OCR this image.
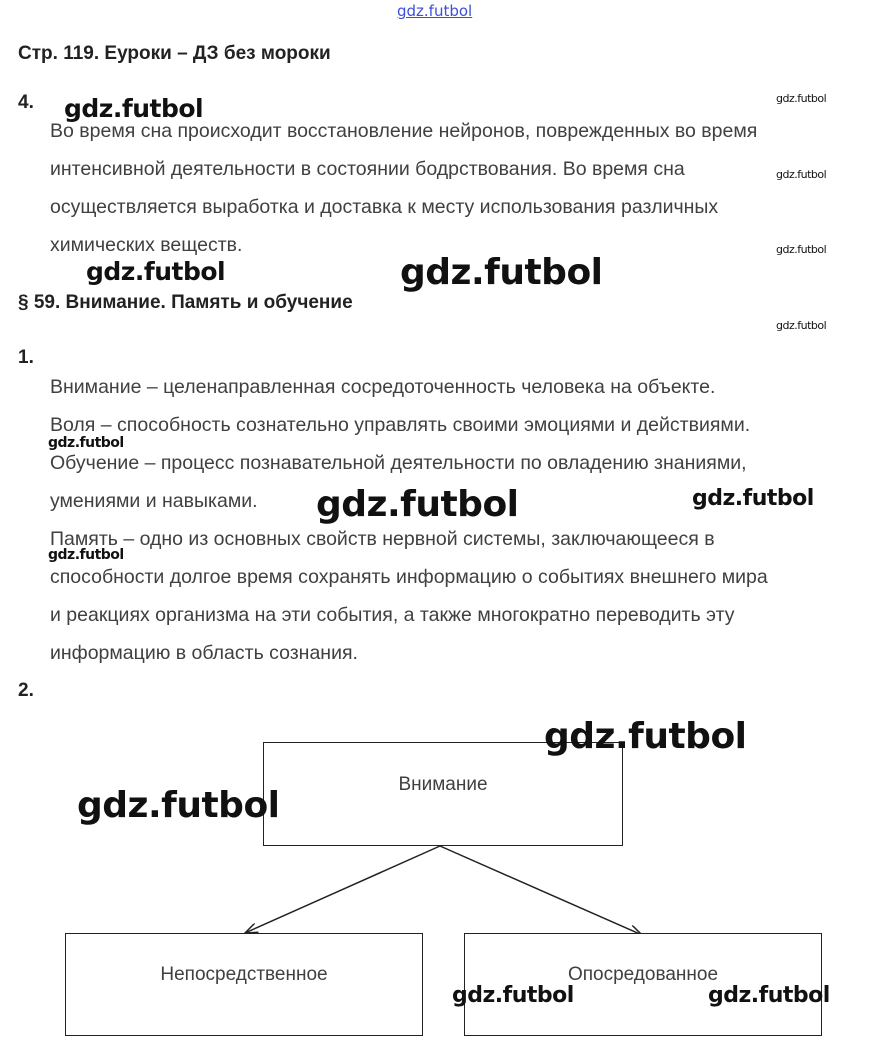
gdz.futbol
Стр. 119. Еуроки – ДЗ без мороки
4.
Во время сна происходит восстановление нейронов, поврежденных во время
интенсивной деятельности в состоянии бодрствования. Во время сна
осуществляется выработка и доставка к месту использования различных
химических веществ.
§ 59. Внимание. Память и обучение
1.
Внимание – целенаправленная сосредоточенность человека на объекте.
Воля – способность сознательно управлять своими эмоциями и действиями.
Обучение – процесс познавательной деятельности по овладению знаниями,
умениями и навыками.
Память – одно из основных свойств нервной системы, заключающееся в
способности долгое время сохранять информацию о событиях внешнего мира
и реакциях организма на эти события, а также многократно переводить эту
информацию в область сознания.
2.
Внимание
Непосредственное	Опосредованное
gdz.futbol	gdz.futbol
gdz.futbol
gdz.futbol
gdz.futbol	gdz.futbol
gdz.futbol
gdz.futbol
gdz.futbol	gdz.futbol
gdz.futbol
gdz.futbol
gdz.futbol
gdz.futbol	gdz.futbol
